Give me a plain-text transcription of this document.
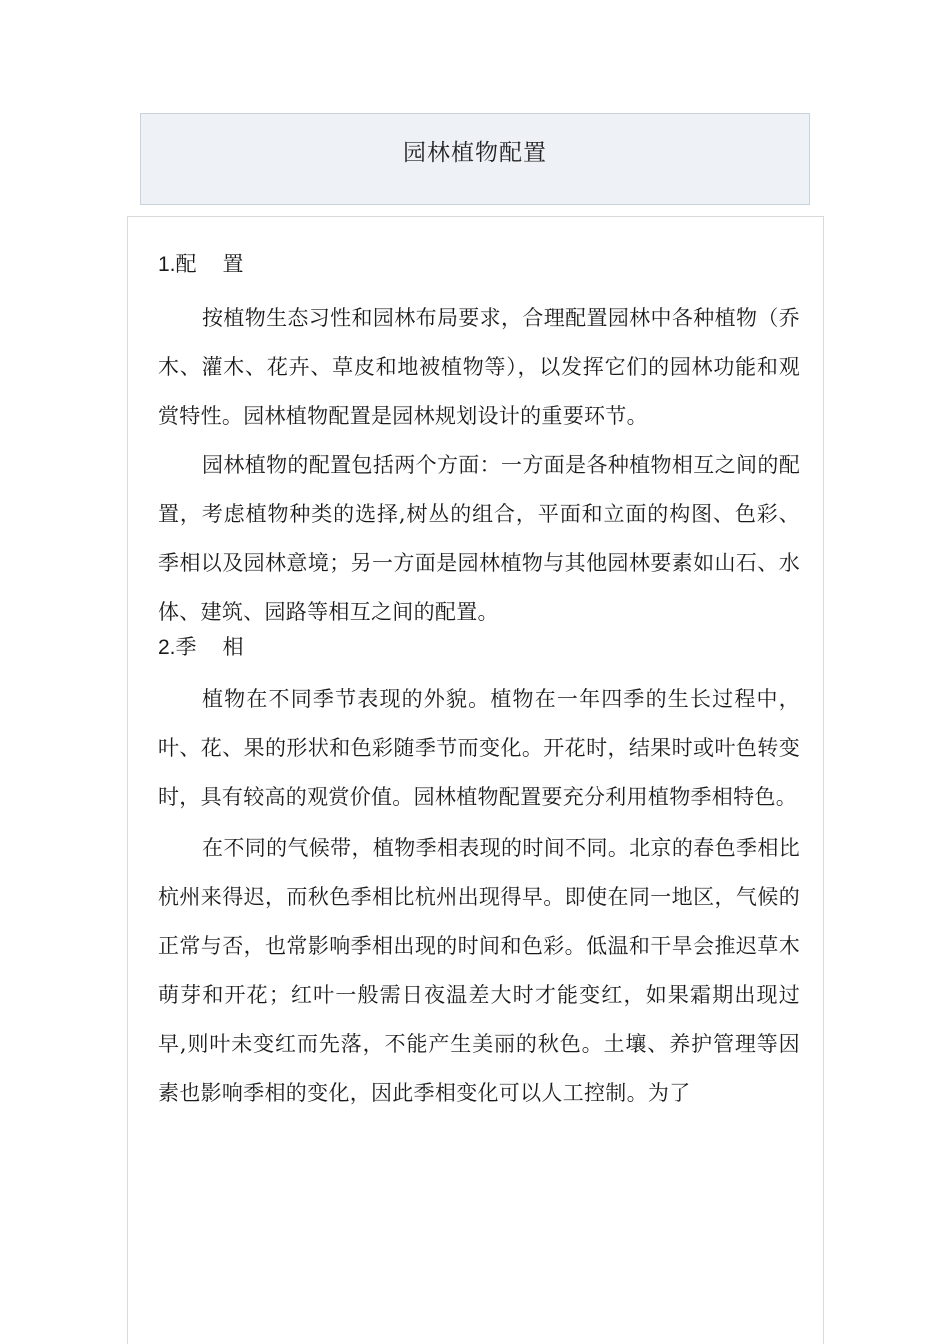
园林植物配置
1.配 置

按植物生态习性和园林布局要求，合理配置园林中各种植物（乔木、灌木、花卉、草皮和地被植物等），以发挥它们的园林功能和观赏特性。园林植物配置是园林规划设计的重要环节。

园林植物的配置包括两个方面：一方面是各种植物相互之间的配置，考虑植物种类的选择,树丛的组合，平面和立面的构图、色彩、季相以及园林意境；另一方面是园林植物与其他园林要素如山石、水体、建筑、园路等相互之间的配置。

2.季 相

植物在不同季节表现的外貌。植物在一年四季的生长过程中，叶、花、果的形状和色彩随季节而变化。开花时，结果时或叶色转变时，具有较高的观赏价值。园林植物配置要充分利用植物季相特色。

在不同的气候带，植物季相表现的时间不同。北京的春色季相比杭州来得迟，而秋色季相比杭州出现得早。即使在同一地区，气候的正常与否，也常影响季相出现的时间和色彩。低温和干旱会推迟草木萌芽和开花；红叶一般需日夜温差大时才能变红，如果霜期出现过早,则叶未变红而先落，不能产生美丽的秋色。土壤、养护管理等因素也影响季相的变化，因此季相变化可以人工控制。为了
